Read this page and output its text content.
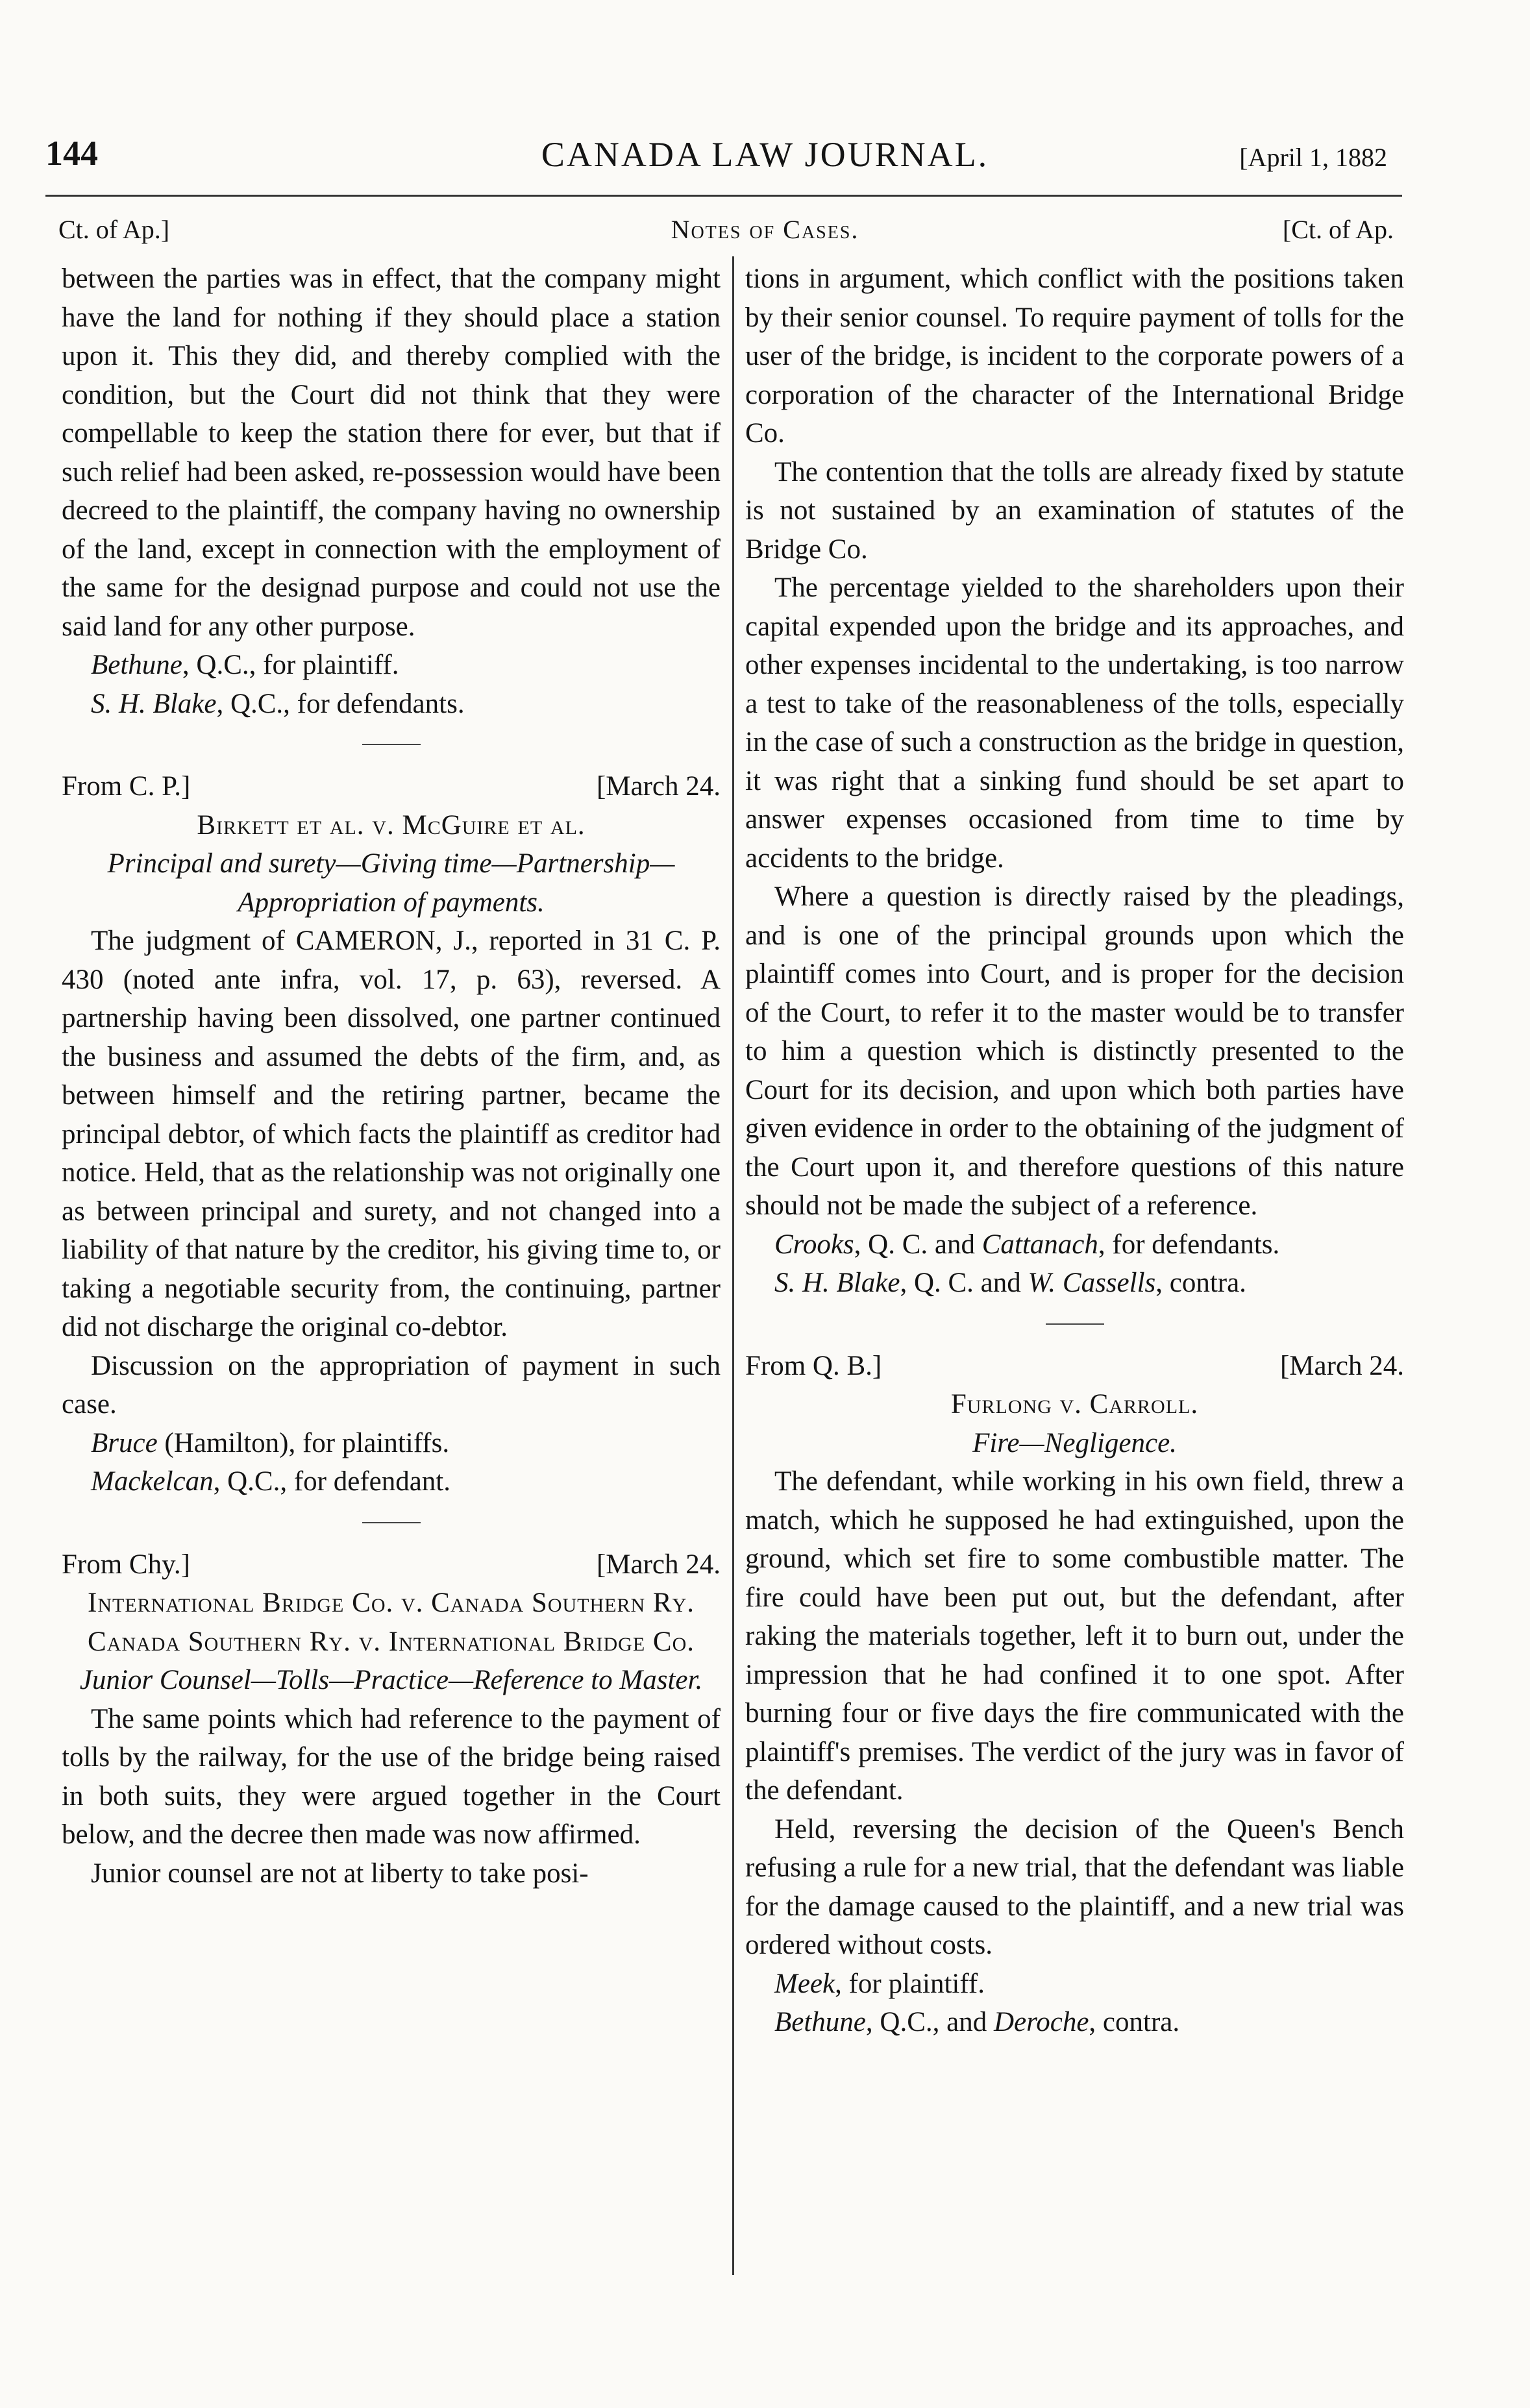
144	CANADA LAW JOURNAL.	[April 1, 1882
Ct. of Ap.]	Notes of Cases.	[Ct. of Ap.

between the parties was in effect, that the company might have the land for nothing if they should place a station upon it. This they did, and thereby complied with the condition, but the Court did not think that they were compellable to keep the station there for ever, but that if such relief had been asked, re-possession would have been decreed to the plaintiff, the company having no ownership of the land, except in connection with the employment of the same for the designad purpose and could not use the said land for any other purpose.

Bethune, Q.C., for plaintiff.

S. H. Blake, Q.C., for defendants.

From C. P.]	[March 24.

Birkett et al. v. McGuire et al.

Principal and surety—Giving time—Partnership—Appropriation of payments.

The judgment of CAMERON, J., reported in 31 C. P. 430 (noted ante infra, vol. 17, p. 63), reversed. A partnership having been dissolved, one partner continued the business and assumed the debts of the firm, and, as between himself and the retiring partner, became the principal debtor, of which facts the plaintiff as creditor had notice. Held, that as the relationship was not originally one as between principal and surety, and not changed into a liability of that nature by the creditor, his giving time to, or taking a negotiable security from, the continuing, partner did not discharge the original co-debtor.

Discussion on the appropriation of payment in such case.

Bruce (Hamilton), for plaintiffs.

Mackelcan, Q.C., for defendant.

From Chy.]	[March 24.

International Bridge Co. v. Canada Southern Ry.

Canada Southern Ry. v. International Bridge Co.

Junior Counsel—Tolls—Practice—Reference to Master.

The same points which had reference to the payment of tolls by the railway, for the use of the bridge being raised in both suits, they were argued together in the Court below, and the decree then made was now affirmed.

Junior counsel are not at liberty to take posi-

tions in argument, which conflict with the positions taken by their senior counsel. To require payment of tolls for the user of the bridge, is incident to the corporate powers of a corporation of the character of the International Bridge Co.

The contention that the tolls are already fixed by statute is not sustained by an examination of statutes of the Bridge Co.

The percentage yielded to the shareholders upon their capital expended upon the bridge and its approaches, and other expenses incidental to the undertaking, is too narrow a test to take of the reasonableness of the tolls, especially in the case of such a construction as the bridge in question, it was right that a sinking fund should be set apart to answer expenses occasioned from time to time by accidents to the bridge.

Where a question is directly raised by the pleadings, and is one of the principal grounds upon which the plaintiff comes into Court, and is proper for the decision of the Court, to refer it to the master would be to transfer to him a question which is distinctly presented to the Court for its decision, and upon which both parties have given evidence in order to the obtaining of the judgment of the Court upon it, and therefore questions of this nature should not be made the subject of a reference.

Crooks, Q. C. and Cattanach, for defendants.

S. H. Blake, Q. C. and W. Cassells, contra.

From Q. B.]	[March 24.

Furlong v. Carroll.

Fire—Negligence.

The defendant, while working in his own field, threw a match, which he supposed he had extinguished, upon the ground, which set fire to some combustible matter. The fire could have been put out, but the defendant, after raking the materials together, left it to burn out, under the impression that he had confined it to one spot. After burning four or five days the fire communicated with the plaintiff's premises. The verdict of the jury was in favor of the defendant.

Held, reversing the decision of the Queen's Bench refusing a rule for a new trial, that the defendant was liable for the damage caused to the plaintiff, and a new trial was ordered without costs.

Meek, for plaintiff.

Bethune, Q.C., and Deroche, contra.
